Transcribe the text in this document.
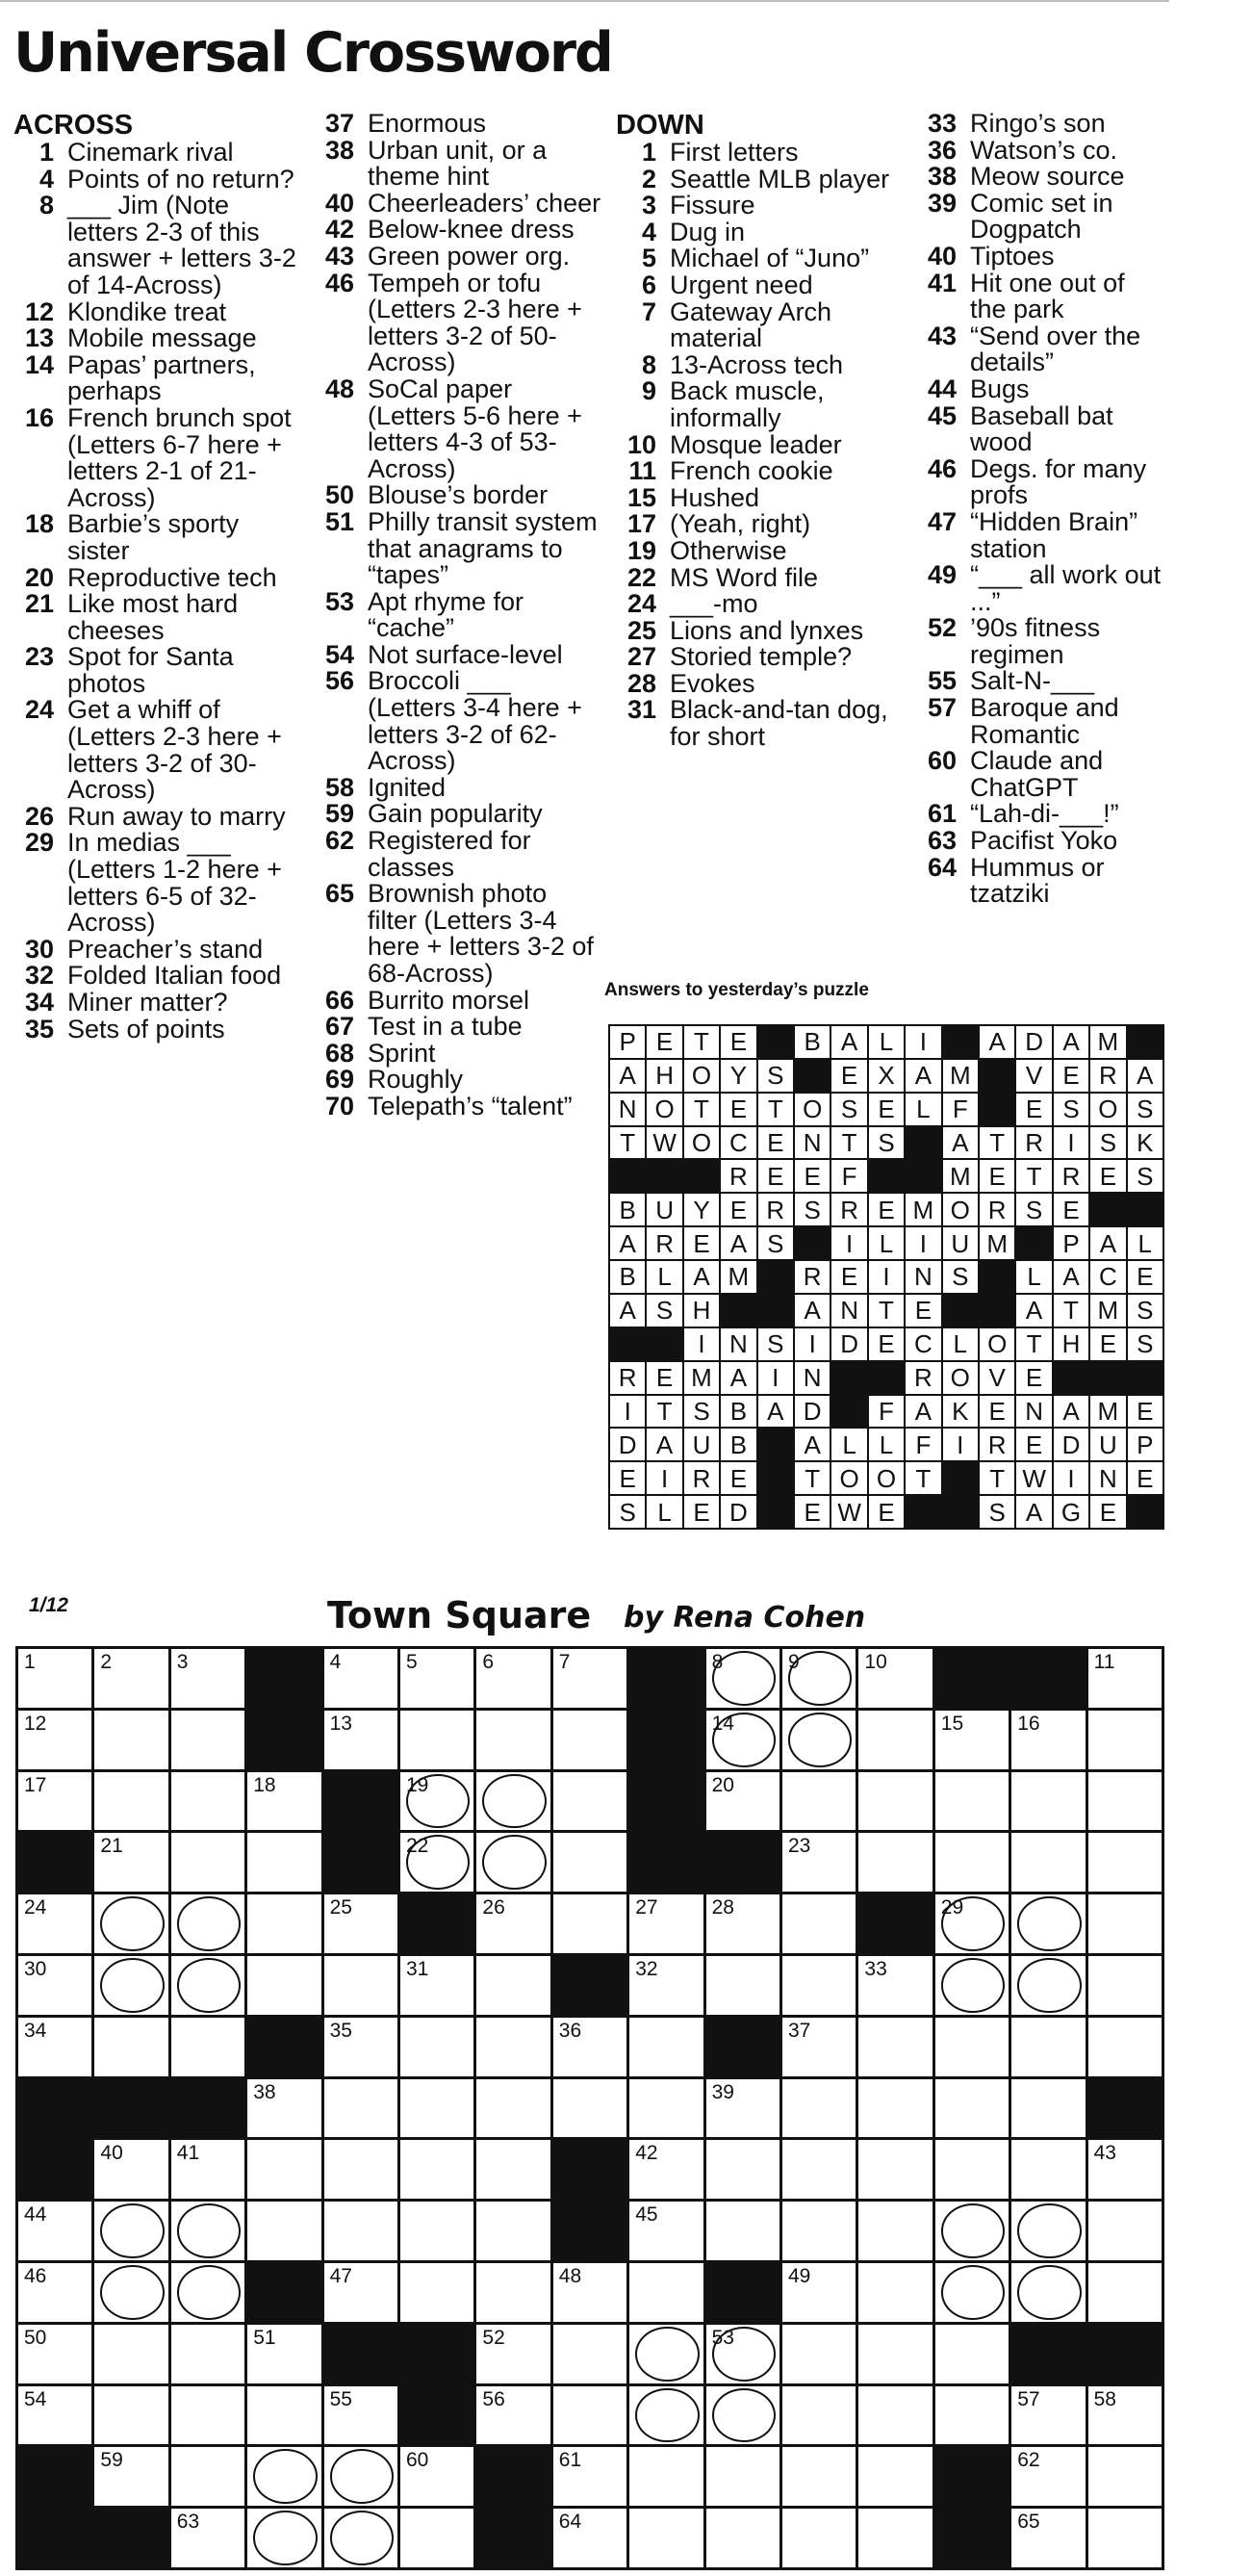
Universal Crossword
ACROSS
1 Cinemark rival
4 Points of no return?
8 ___ Jim (Note letters 2-3 of this answer + letters 3-2 of 14-Across)
12 Klondike treat
13 Mobile message
14 Papas’ partners, perhaps
16 French brunch spot (Letters 6-7 here + letters 2-1 of 21-Across)
18 Barbie’s sporty sister
20 Reproductive tech
21 Like most hard cheeses
23 Spot for Santa photos
24 Get a whiff of (Letters 2-3 here + letters 3-2 of 30-Across)
26 Run away to marry
29 In medias ___ (Letters 1-2 here + letters 6-5 of 32-Across)
30 Preacher’s stand
32 Folded Italian food
34 Miner matter?
35 Sets of points
37 Enormous
38 Urban unit, or a theme hint
40 Cheerleaders’ cheer
42 Below-knee dress
43 Green power org.
46 Tempeh or tofu (Letters 2-3 here + letters 3-2 of 50-Across)
48 SoCal paper (Letters 5-6 here + letters 4-3 of 53-Across)
50 Blouse’s border
51 Philly transit system that anagrams to “tapes”
53 Apt rhyme for “cache”
54 Not surface-level
56 Broccoli ___ (Letters 3-4 here + letters 3-2 of 62-Across)
58 Ignited
59 Gain popularity
62 Registered for classes
65 Brownish photo filter (Letters 3-4 here + letters 3-2 of 68-Across)
66 Burrito morsel
67 Test in a tube
68 Sprint
69 Roughly
70 Telepath’s “talent”
DOWN
1 First letters
2 Seattle MLB player
3 Fissure
4 Dug in
5 Michael of “Juno”
6 Urgent need
7 Gateway Arch material
8 13-Across tech
9 Back muscle, informally
10 Mosque leader
11 French cookie
15 Hushed
17 (Yeah, right)
19 Otherwise
22 MS Word file
24 ___-mo
25 Lions and lynxes
27 Storied temple?
28 Evokes
31 Black-and-tan dog, for short
33 Ringo’s son
36 Watson’s co.
38 Meow source
39 Comic set in Dogpatch
40 Tiptoes
41 Hit one out of the park
43 “Send over the details”
44 Bugs
45 Baseball bat wood
46 Degs. for many profs
47 “Hidden Brain” station
49 “___ all work out ...”
52 ’90s fitness regimen
55 Salt-N-___
57 Baroque and Romantic
60 Claude and ChatGPT
61 “Lah-di-___!”
63 Pacifist Yoko
64 Hummus or tzatziki
Answers to yesterday’s puzzle
P E T E	B A L	I	A D A M
A H O Y S	E X A M	V E R A
N O T E T O S E L F	E S O S
T W O C E N T S	A T R I	S K
R E E F	M E T R E S
B U Y E R S R E M O R S E
A R E A S	I	L	I U M	P A L
B L A M	R E	I N S	L A C E
A S H	A N T E	A T M S
I N S	I D E C L O T H E S
R E M A	I N	R O V E
I	T S B A D	F A K E N A M E
D A U B	A L L F	I R E D U P
E	I R E	T O O T	T W I N E
S L E D	E W E	S A G E
1/12	Town Square by Rena Cohen
1	2	3	4	5	6	7	8	9	10	11
12	13	14	15	16
17	18	19	20
21	22	23
24	25	26	27	28	29
30	31	32	33
34	35	36	37
38	39
40	41	42	43
44	45
46	47	48	49
50	51	52	53
54	55	56	57	58
59	60	61	62
63	64	65
